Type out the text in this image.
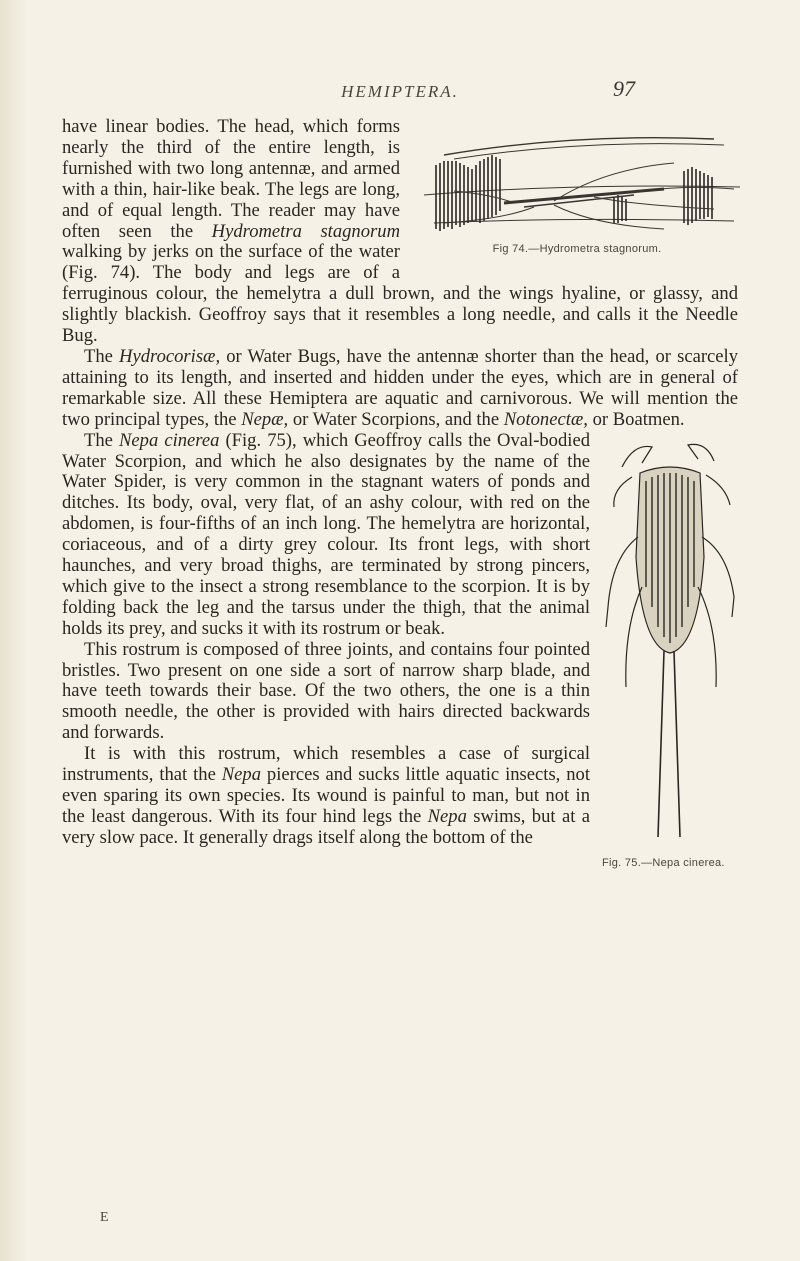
HEMIPTERA.	97
Fig 74.—Hydrometra stagnorum.

have linear bodies. The head, which forms nearly the third of the entire length, is furnished with two long antennæ, and armed with a thin, hair-like beak. The legs are long, and of equal length. The reader may have often seen the Hydrometra stagnorum walking by jerks on the surface of the water (Fig. 74). The body and legs are of a ferruginous colour, the hemelytra a dull brown, and the wings hyaline, or glassy, and slightly blackish. Geoffroy says that it resembles a long needle, and calls it the Needle Bug.

The Hydrocorisæ, or Water Bugs, have the antennæ shorter than the head, or scarcely attaining to its length, and inserted and hidden under the eyes, which are in general of remarkable size. All these Hemiptera are aquatic and carnivorous. We will mention the two principal types, the Nepæ, or Water Scorpions, and the Notonectæ, or Boatmen.

Fig. 75.—Nepa cinerea.

The Nepa cinerea (Fig. 75), which Geoffroy calls the Oval-bodied Water Scorpion, and which he also designates by the name of the Water Spider, is very common in the stagnant waters of ponds and ditches. Its body, oval, very flat, of an ashy colour, with red on the abdomen, is four-fifths of an inch long. The hemelytra are horizontal, coriaceous, and of a dirty grey colour. Its front legs, with short haunches, and very broad thighs, are terminated by strong pincers, which give to the insect a strong resemblance to the scorpion. It is by folding back the leg and the tarsus under the thigh, that the animal holds its prey, and sucks it with its rostrum or beak.

This rostrum is composed of three joints, and contains four pointed bristles. Two present on one side a sort of narrow sharp blade, and have teeth towards their base. Of the two others, the one is a thin smooth needle, the other is provided with hairs directed backwards and forwards.

It is with this rostrum, which resembles a case of surgical instruments, that the Nepa pierces and sucks little aquatic insects, not even sparing its own species. Its wound is painful to man, but not in the least dangerous. With its four hind legs the Nepa swims, but at a very slow pace. It generally drags itself along the bottom of the

E
